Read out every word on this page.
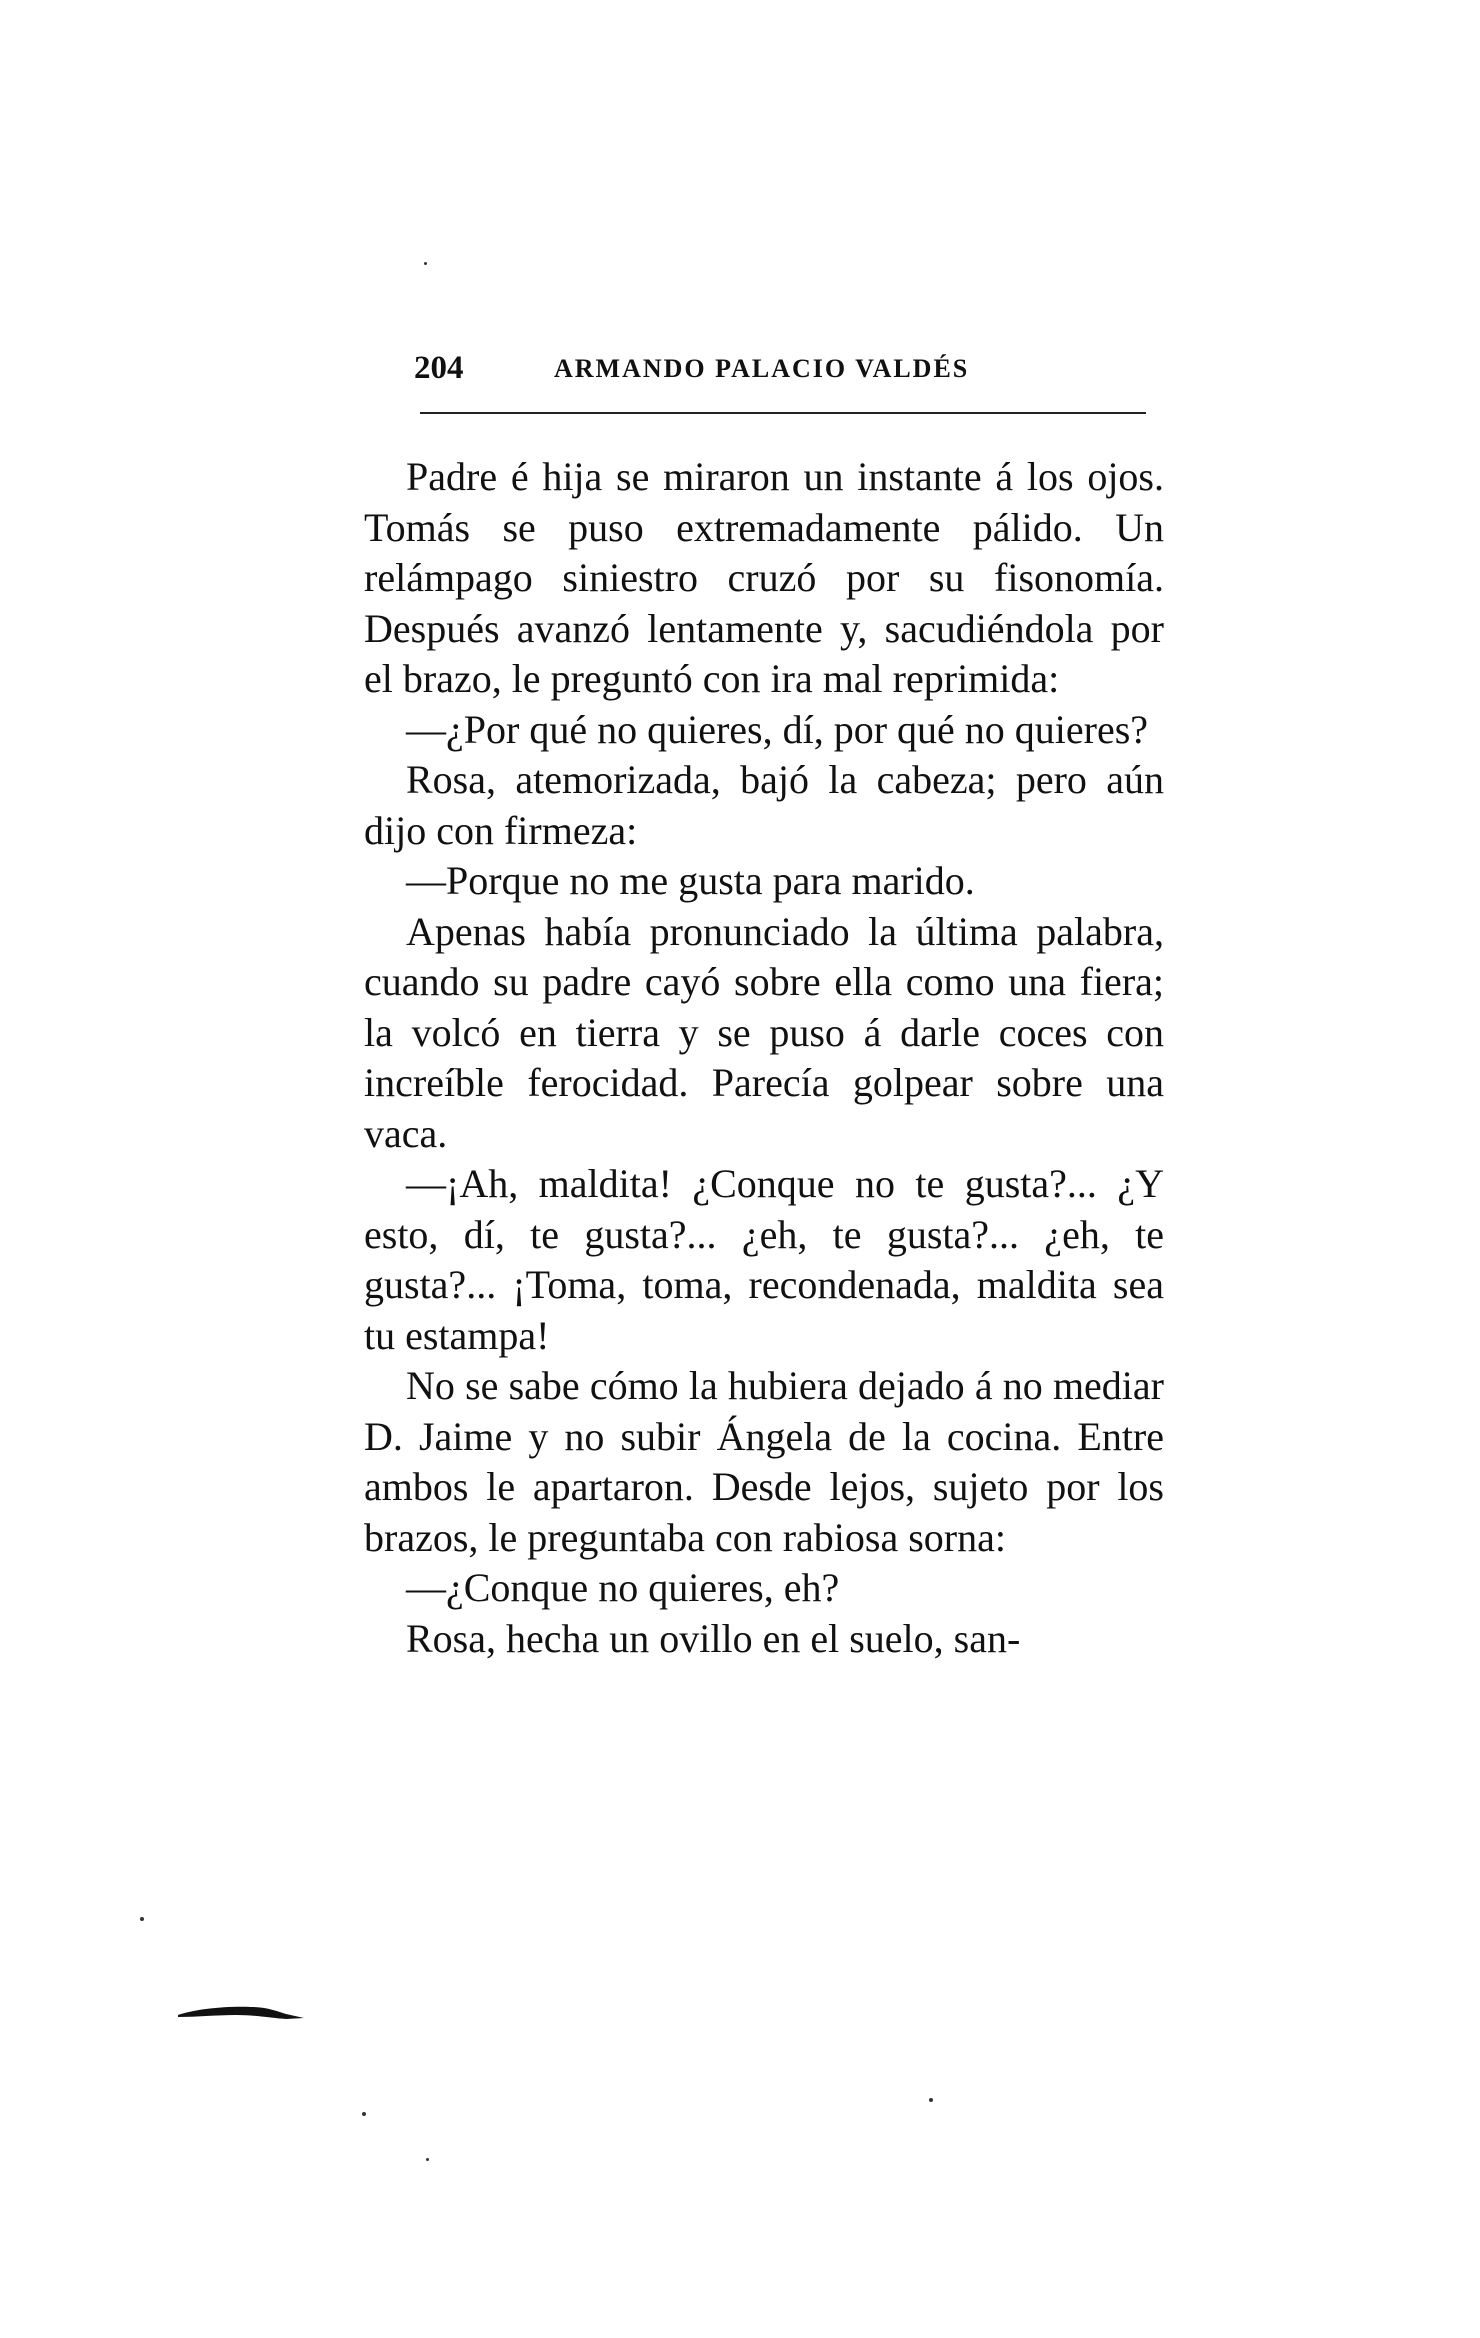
204	ARMANDO PALACIO VALDÉS

Padre é hija se miraron un instante á los ojos. Tomás se puso extremadamente pálido. Un relámpago siniestro cruzó por su fisonomía. Después avanzó lentamente y, sacudiéndola por el brazo, le preguntó con ira mal reprimida:

—¿Por qué no quieres, dí, por qué no quieres?

Rosa, atemorizada, bajó la cabeza; pero aún dijo con firmeza:

—Porque no me gusta para marido.

Apenas había pronunciado la última palabra, cuando su padre cayó sobre ella como una fiera; la volcó en tierra y se puso á darle coces con increíble ferocidad. Parecía golpear sobre una vaca.

—¡Ah, maldita! ¿Conque no te gusta?... ¿Y esto, dí, te gusta?... ¿eh, te gusta?... ¿eh, te gusta?... ¡Toma, toma, recondenada, maldita sea tu estampa!

No se sabe cómo la hubiera dejado á no mediar D. Jaime y no subir Ángela de la cocina. Entre ambos le apartaron. Desde lejos, sujeto por los brazos, le preguntaba con rabiosa sorna:

—¿Conque no quieres, eh?

Rosa, hecha un ovillo en el suelo, san-
